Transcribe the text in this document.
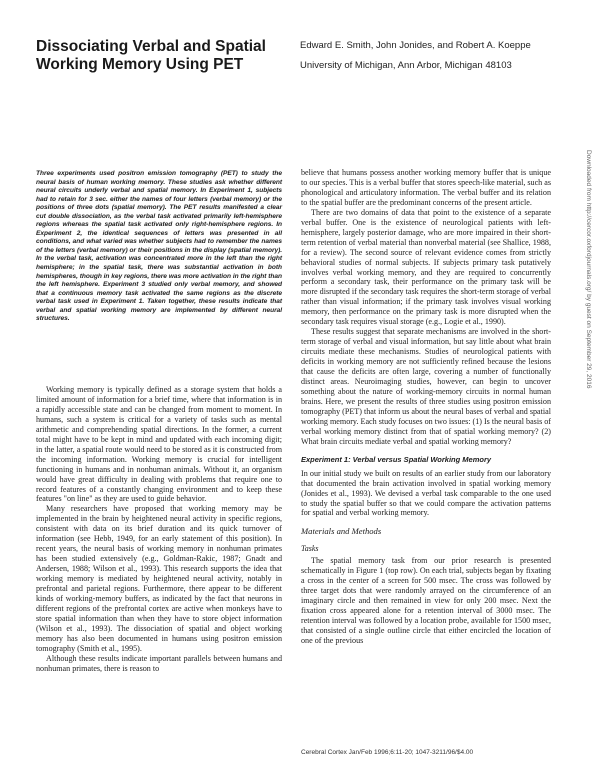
Dissociating Verbal and Spatial Working Memory Using PET
Edward E. Smith, John Jonides, and Robert A. Koeppe
University of Michigan, Ann Arbor, Michigan 48103

Three experiments used positron emission tomography (PET) to study the neural basis of human working memory. These studies ask whether different neural circuits underly verbal and spatial memory. In Experiment 1, subjects had to retain for 3 sec. either the names of four letters (verbal memory) or the positions of three dots (spatial memory). The PET results manifested a clear cut double dissociation, as the verbal task activated primarily left-hemisphere regions whereas the spatial task activated only right-hemisphere regions. In Experiment 2, the identical sequences of letters was presented in all conditions, and what varied was whether subjects had to remember the names of the letters (verbal memory) or their positions in the display (spatial memory). In the verbal task, activation was concentrated more in the left than the right hemisphere; in the spatial task, there was substantial activation in both hemispheres, though in key regions, there was more activation in the right than the left hemisphere. Experiment 3 studied only verbal memory, and showed that a continuous memory task activated the same regions as the discrete verbal task used in Experiment 1. Taken together, these results indicate that verbal and spatial working memory are implemented by different neural structures.

Working memory is typically defined as a storage system that holds a limited amount of information for a brief time, where that information is in a rapidly accessible state and can be changed from moment to moment. In humans, such a system is critical for a variety of tasks such as mental arithmetic and comprehending spatial directions. In the former, a current total might have to be kept in mind and updated with each incoming digit; in the latter, a spatial route would need to be stored as it is constructed from the incoming information. Working memory is crucial for intelligent functioning in humans and in nonhuman animals. Without it, an organism would have great difficulty in dealing with problems that require one to record features of a constantly changing environment and to keep these features "on line" as they are used to guide behavior.

Many researchers have proposed that working memory may be implemented in the brain by heightened neural activity in specific regions, consistent with data on its brief duration and its quick turnover of information (see Hebb, 1949, for an early statement of this position). In recent years, the neural basis of working memory in nonhuman primates has been studied extensively (e.g., Goldman-Rakic, 1987; Gnadt and Andersen, 1988; Wilson et al., 1993). This research supports the idea that working memory is mediated by heightened neural activity, notably in prefrontal and parietal regions. Furthermore, there appear to be different kinds of working-memory buffers, as indicated by the fact that neurons in different regions of the prefrontal cortex are active when monkeys have to store spatial information than when they have to store object information (Wilson et al., 1993). The dissociation of spatial and object working memory has also been documented in humans using positron emission tomography (Smith et al., 1995).

Although these results indicate important parallels between humans and nonhuman primates, there is reason to

believe that humans possess another working memory buffer that is unique to our species. This is a verbal buffer that stores speech-like material, such as phonological and articulatory information. The verbal buffer and its relation to the spatial buffer are the predominant concerns of the present article.

There are two domains of data that point to the existence of a separate verbal buffer. One is the existence of neurological patients with left-hemisphere, largely posterior damage, who are more impaired in their short-term retention of verbal material than nonverbal material (see Shallice, 1988, for a review). The second source of relevant evidence comes from strictly behavioral studies of normal subjects. If subjects primary task putatively involves verbal working memory, and they are required to concurrently perform a secondary task, their performance on the primary task will be more disrupted if the secondary task requires the short-term storage of verbal rather than visual information; if the primary task involves visual working memory, then performance on the primary task is more disrupted when the secondary task requires visual storage (e.g., Logie et al., 1990).

These results suggest that separate mechanisms are involved in the short-term storage of verbal and visual information, but say little about what brain circuits mediate these mechanisms. Studies of neurological patients with deficits in working memory are not sufficiently refined because the lesions that cause the deficits are often large, covering a number of functionally distinct areas. Neuroimaging studies, however, can begin to uncover something about the nature of working-memory circuits in normal human brains. Here, we present the results of three studies using positron emission tomography (PET) that inform us about the neural bases of verbal and spatial working memory. Each study focuses on two issues: (1) Is the neural basis of verbal working memory distinct from that of spatial working memory? (2) What brain circuits mediate verbal and spatial working memory?

Experiment 1: Verbal versus Spatial Working Memory

In our initial study we built on results of an earlier study from our laboratory that documented the brain activation involved in spatial working memory (Jonides et al., 1993). We devised a verbal task comparable to the one used to study the spatial buffer so that we could compare the activation patterns for spatial and verbal working memory.

Materials and Methods

Tasks

The spatial memory task from our prior research is presented schematically in Figure 1 (top row). On each trial, subjects began by fixating a cross in the center of a screen for 500 msec. The cross was followed by three target dots that were randomly arrayed on the circumference of an imaginary circle and then remained in view for only 200 msec. Next the fixation cross appeared alone for a retention interval of 3000 msec. The retention interval was followed by a location probe, available for 1500 msec, that consisted of a single outline circle that either encircled the location of one of the previous

Cerebral Cortex Jan/Feb 1996;6:11-20; 1047-3211/96/$4.00
Downloaded from http://cercor.oxfordjournals.org/ by guest on September 29, 2016
